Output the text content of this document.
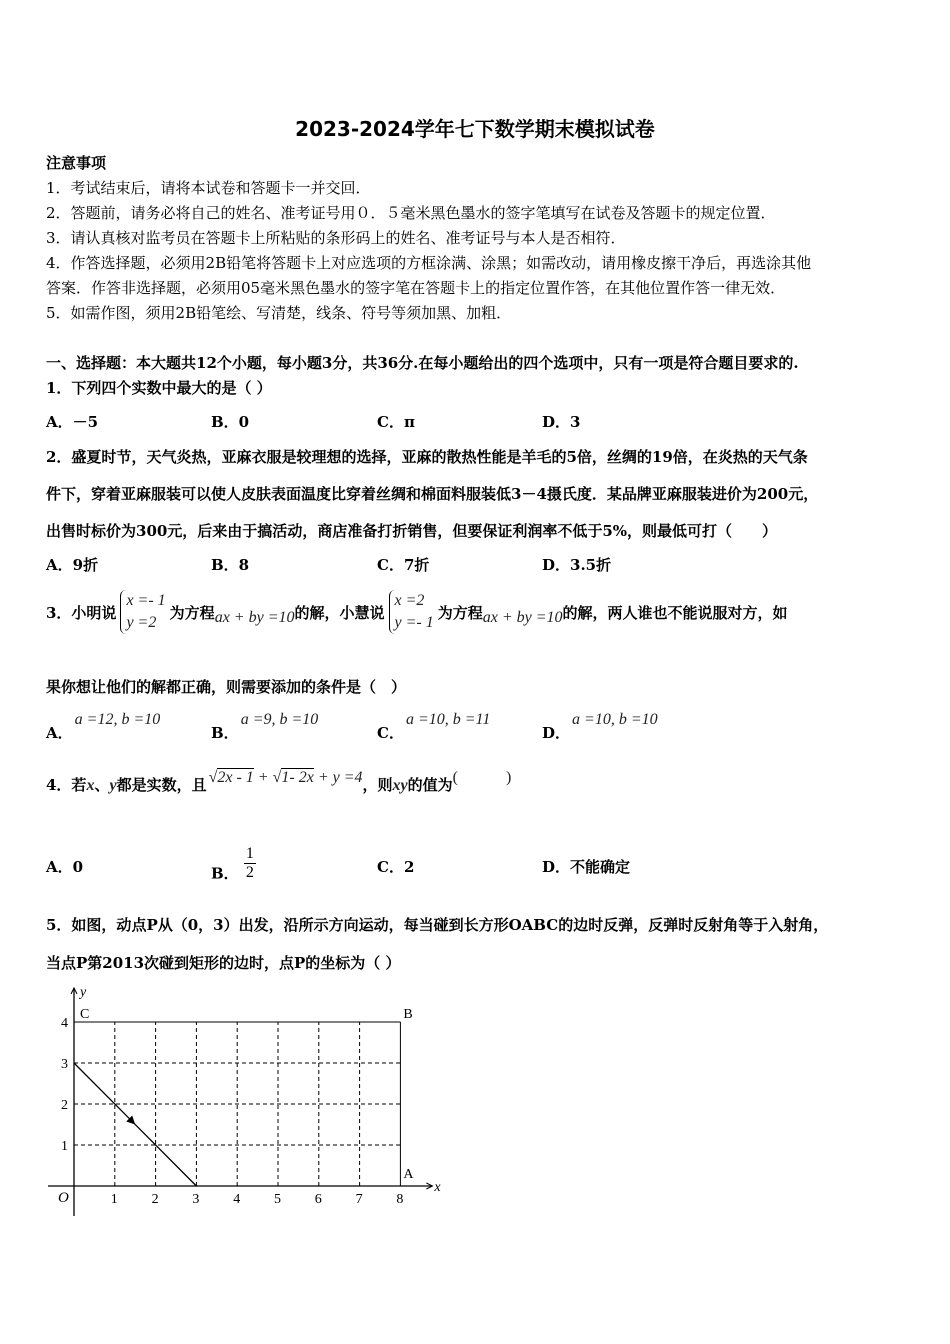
2023-2024学年七下数学期末模拟试卷
注意事项
1．考试结束后，请将本试卷和答题卡一并交回．
2．答题前，请务必将自己的姓名、准考证号用０．５毫米黑色墨水的签字笔填写在试卷及答题卡的规定位置．
3．请认真核对监考员在答题卡上所粘贴的条形码上的姓名、准考证号与本人是否相符．
4．作答选择题，必须用2B铅笔将答题卡上对应选项的方框涂满、涂黑；如需改动，请用橡皮擦干净后，再选涂其他
答案．作答非选择题，必须用05毫米黑色墨水的签字笔在答题卡上的指定位置作答，在其他位置作答一律无效．
5．如需作图，须用2B铅笔绘、写清楚，线条、符号等须加黑、加粗．
一、选择题：本大题共12个小题，每小题3分，共36分.在每小题给出的四个选项中，只有一项是符合题目要求的.
1．下列四个实数中最大的是（ ）
A．－5	B．0	C．π	D．3
2．盛夏时节，天气炎热，亚麻衣服是较理想的选择，亚麻的散热性能是羊毛的5倍，丝绸的19倍，在炎热的天气条
件下，穿着亚麻服装可以使人皮肤表面温度比穿着丝绸和棉面料服装低3－4摄氏度．某品牌亚麻服装进价为200元，
出售时标价为300元，后来由于搞活动，商店准备打折销售，但要保证利润率不低于5%，则最低可打（　　）
A．9折	B．8	C．7折	D．3.5折
3．小明说
x =- 1
y =2
为方程 ax + by =10 的解，小慧说
x =2
y =- 1
为方程 ax + by =10 的解，两人谁也不能说服对方，如
果你想让他们的解都正确，则需要添加的条件是（　）
A．a =12, b =10
B．a =9, b =10
C．a =10, b =11
D．a =10, b =10
4．若 x 、 y 都是实数，且 √2x - 1 + √1- 2x + y =4 ，则 xy 的值为 (　　　)
A．0	B． $\frac{1}{2}$	C．2	D．不能确定
5．如图，动点P从（0，3）出发，沿所示方向运动，每当碰到长方形OABC的边时反弹，反弹时反射角等于入射角，
当点P第2013次碰到矩形的边时，点P的坐标为（ ）
x
y
O	1 2 3 4 5 6 7 8
1
2
3
4
C	B
A
